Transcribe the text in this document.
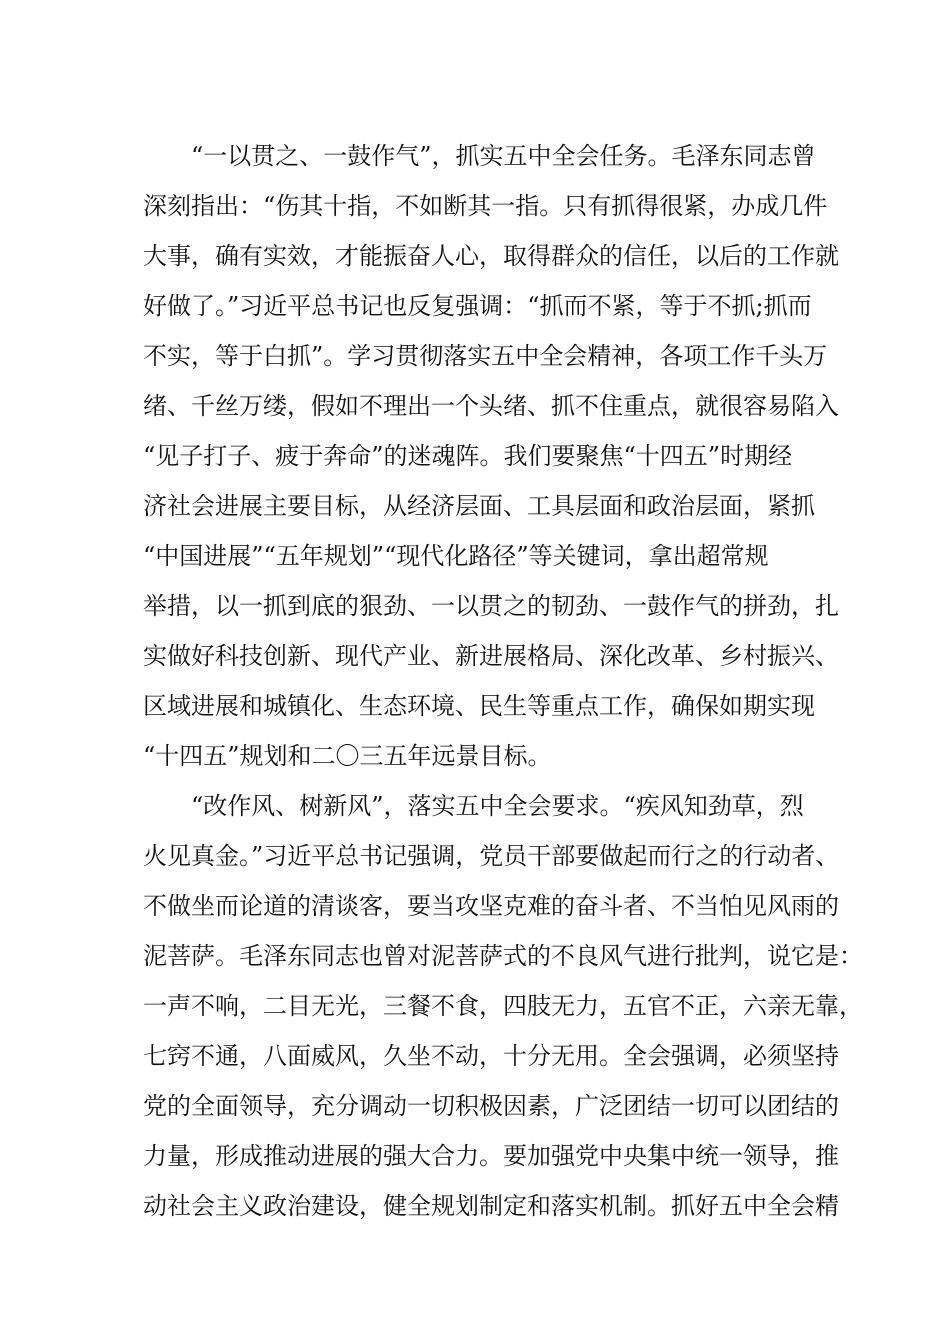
“一以贯之、一鼓作气”，抓实五中全会任务。毛泽东同志曾
深刻指出：“伤其十指，不如断其一指。只有抓得很紧，办成几件
大事，确有实效，才能振奋人心，取得群众的信任，以后的工作就
好做了。”习近平总书记也反复强调：“抓而不紧，等于不抓;抓而
不实，等于白抓”。学习贯彻落实五中全会精神，各项工作千头万
绪、千丝万缕，假如不理出一个头绪、抓不住重点，就很容易陷入
“见子打子、疲于奔命”的迷魂阵。我们要聚焦“十四五”时期经
济社会进展主要目标，从经济层面、工具层面和政治层面，紧抓
“中国进展”“五年规划”“现代化路径”等关键词，拿出超常规
举措，以一抓到底的狠劲、一以贯之的韧劲、一鼓作气的拼劲，扎
实做好科技创新、现代产业、新进展格局、深化改革、乡村振兴、
区域进展和城镇化、生态环境、民生等重点工作，确保如期实现
“十四五”规划和二〇三五年远景目标。
“改作风、树新风”，落实五中全会要求。“疾风知劲草，烈
火见真金。”习近平总书记强调，党员干部要做起而行之的行动者、
不做坐而论道的清谈客，要当攻坚克难的奋斗者、不当怕见风雨的
泥菩萨。毛泽东同志也曾对泥菩萨式的不良风气进行批判，说它是：
一声不响，二目无光，三餐不食，四肢无力，五官不正，六亲无靠，
七窍不通，八面威风，久坐不动，十分无用。全会强调，必须坚持
党的全面领导，充分调动一切积极因素，广泛团结一切可以团结的
力量，形成推动进展的强大合力。要加强党中央集中统一领导，推
动社会主义政治建设，健全规划制定和落实机制。抓好五中全会精
